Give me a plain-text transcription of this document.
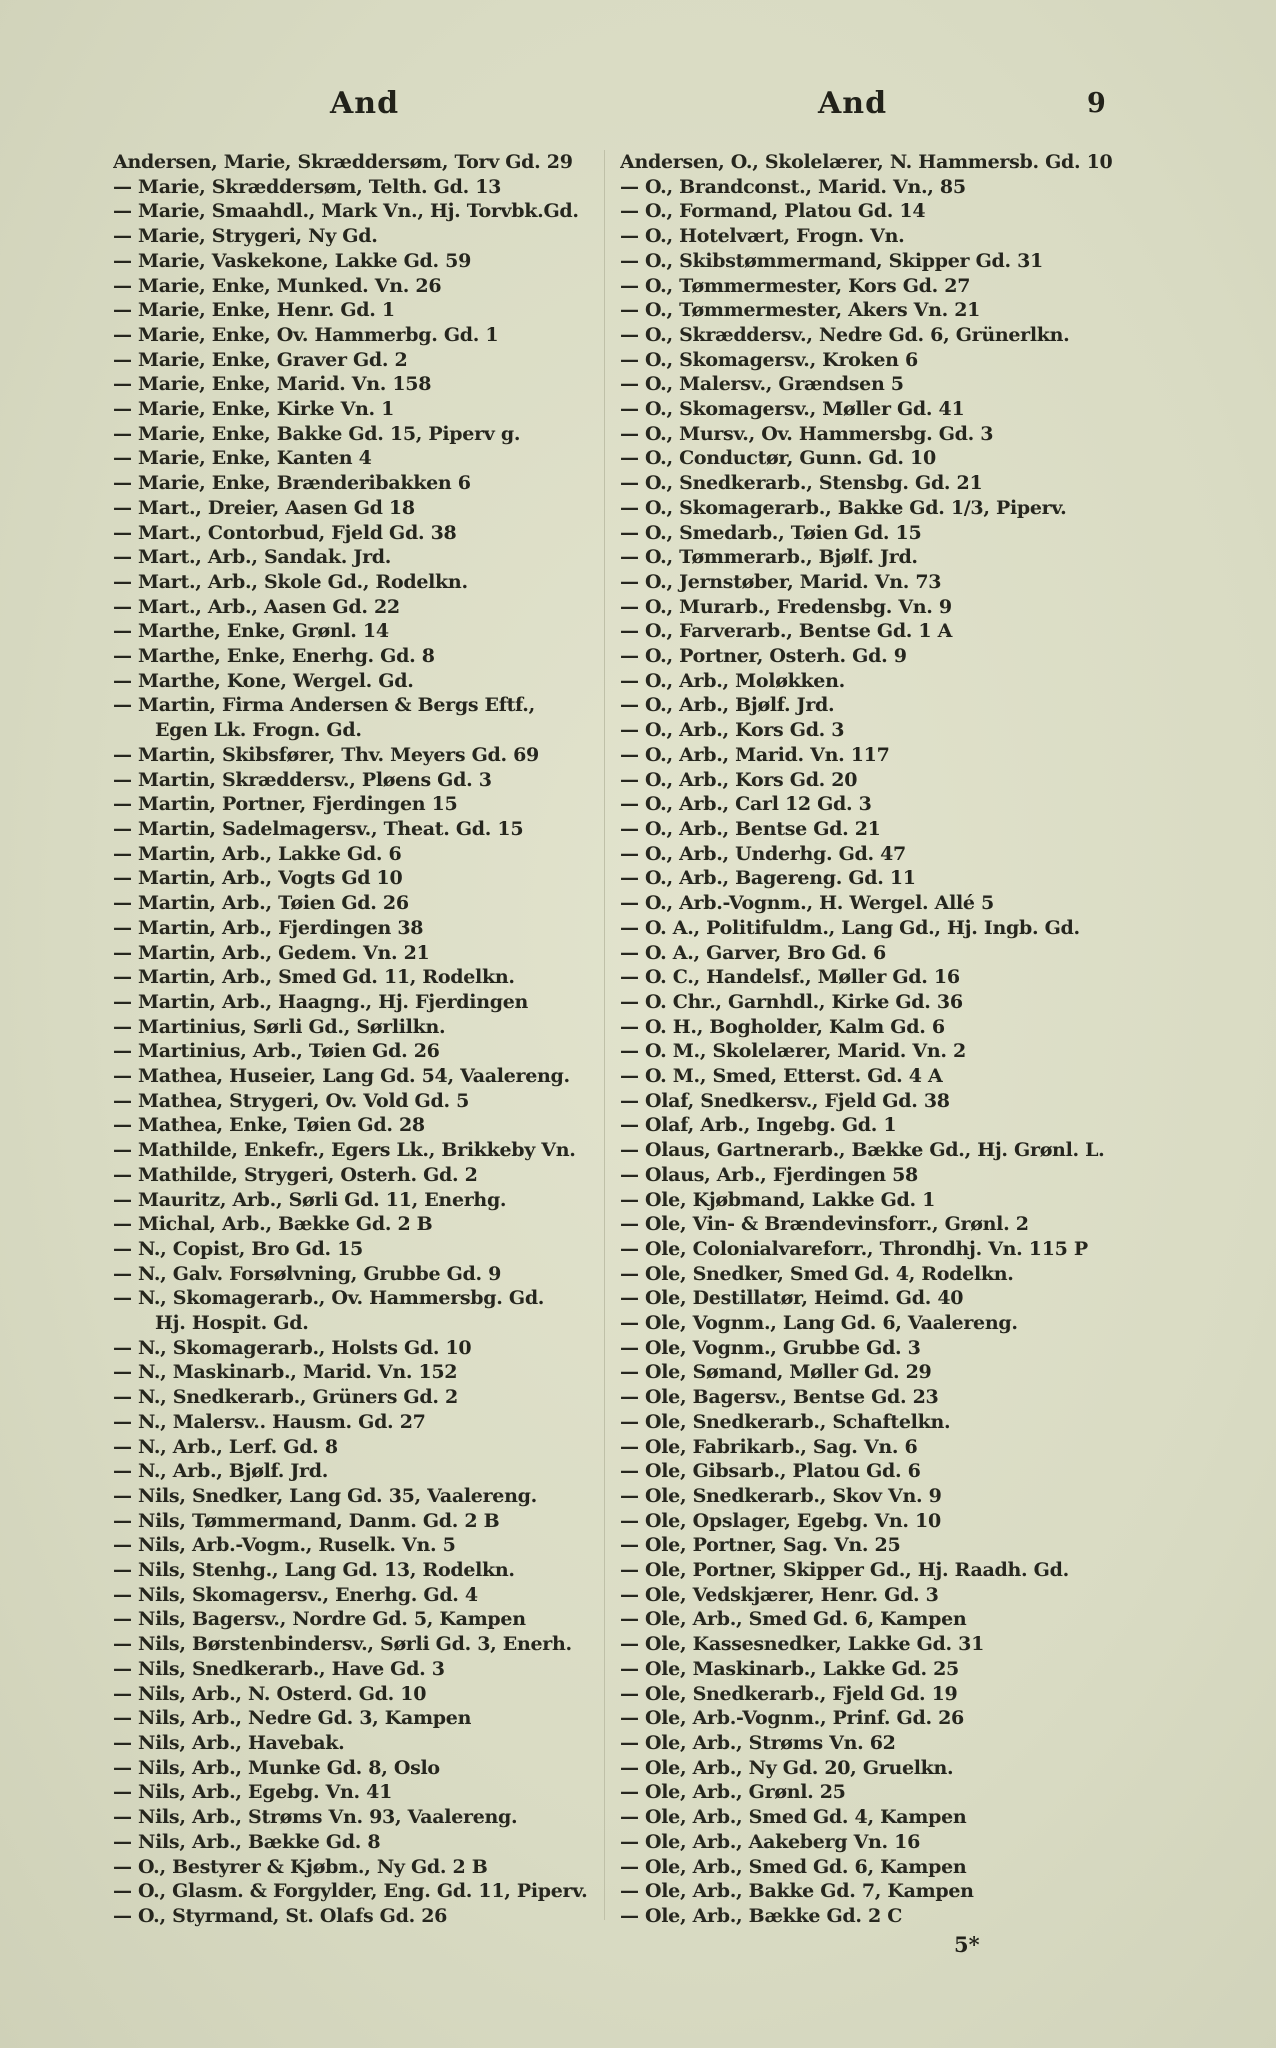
And	And	9
Andersen, Marie, Skræddersøm, Torv Gd. 29
— Marie, Skræddersøm, Telth. Gd. 13
— Marie, Smaahdl., Mark Vn., Hj. Torvbk.Gd.
— Marie, Strygeri, Ny Gd.
— Marie, Vaskekone, Lakke Gd. 59
— Marie, Enke, Munked. Vn. 26
— Marie, Enke, Henr. Gd. 1
— Marie, Enke, Ov. Hammerbg. Gd. 1
— Marie, Enke, Graver Gd. 2
— Marie, Enke, Marid. Vn. 158
— Marie, Enke, Kirke Vn. 1
— Marie, Enke, Bakke Gd. 15, Piperv g.
— Marie, Enke, Kanten 4
— Marie, Enke, Brænderibakken 6
— Mart., Dreier, Aasen Gd 18
— Mart., Contorbud, Fjeld Gd. 38
— Mart., Arb., Sandak. Jrd.
— Mart., Arb., Skole Gd., Rodelkn.
— Mart., Arb., Aasen Gd. 22
— Marthe, Enke, Grønl. 14
— Marthe, Enke, Enerhg. Gd. 8
— Marthe, Kone, Wergel. Gd.
— Martin, Firma Andersen & Bergs Eftf.,
Egen Lk. Frogn. Gd.
— Martin, Skibsfører, Thv. Meyers Gd. 69
— Martin, Skræddersv., Pløens Gd. 3
— Martin, Portner, Fjerdingen 15
— Martin, Sadelmagersv., Theat. Gd. 15
— Martin, Arb., Lakke Gd. 6
— Martin, Arb., Vogts Gd 10
— Martin, Arb., Tøien Gd. 26
— Martin, Arb., Fjerdingen 38
— Martin, Arb., Gedem. Vn. 21
— Martin, Arb., Smed Gd. 11, Rodelkn.
— Martin, Arb., Haagng., Hj. Fjerdingen
— Martinius, Sørli Gd., Sørlilkn.
— Martinius, Arb., Tøien Gd. 26
— Mathea, Huseier, Lang Gd. 54, Vaalereng.
— Mathea, Strygeri, Ov. Vold Gd. 5
— Mathea, Enke, Tøien Gd. 28
— Mathilde, Enkefr., Egers Lk., Brikkeby Vn.
— Mathilde, Strygeri, Osterh. Gd. 2
— Mauritz, Arb., Sørli Gd. 11, Enerhg.
— Michal, Arb., Bække Gd. 2 B
— N., Copist, Bro Gd. 15
— N., Galv. Forsølvning, Grubbe Gd. 9
— N., Skomagerarb., Ov. Hammersbg. Gd.
Hj. Hospit. Gd.
— N., Skomagerarb., Holsts Gd. 10
— N., Maskinarb., Marid. Vn. 152
— N., Snedkerarb., Grüners Gd. 2
— N., Malersv.. Hausm. Gd. 27
— N., Arb., Lerf. Gd. 8
— N., Arb., Bjølf. Jrd.
— Nils, Snedker, Lang Gd. 35, Vaalereng.
— Nils, Tømmermand, Danm. Gd. 2 B
— Nils, Arb.-Vogm., Ruselk. Vn. 5
— Nils, Stenhg., Lang Gd. 13, Rodelkn.
— Nils, Skomagersv., Enerhg. Gd. 4
— Nils, Bagersv., Nordre Gd. 5, Kampen
— Nils, Børstenbindersv., Sørli Gd. 3, Enerh.
— Nils, Snedkerarb., Have Gd. 3
— Nils, Arb., N. Osterd. Gd. 10
— Nils, Arb., Nedre Gd. 3, Kampen
— Nils, Arb., Havebak.
— Nils, Arb., Munke Gd. 8, Oslo
— Nils, Arb., Egebg. Vn. 41
— Nils, Arb., Strøms Vn. 93, Vaalereng.
— Nils, Arb., Bække Gd. 8
— O., Bestyrer & Kjøbm., Ny Gd. 2 B
— O., Glasm. & Forgylder, Eng. Gd. 11, Piperv.
— O., Styrmand, St. Olafs Gd. 26
Andersen, O., Skolelærer, N. Hammersb. Gd. 10
— O., Brandconst., Marid. Vn., 85
— O., Formand, Platou Gd. 14
— O., Hotelvært, Frogn. Vn.
— O., Skibstømmermand, Skipper Gd. 31
— O., Tømmermester, Kors Gd. 27
— O., Tømmermester, Akers Vn. 21
— O., Skræddersv., Nedre Gd. 6, Grünerlkn.
— O., Skomagersv., Kroken 6
— O., Malersv., Grændsen 5
— O., Skomagersv., Møller Gd. 41
— O., Mursv., Ov. Hammersbg. Gd. 3
— O., Conductør, Gunn. Gd. 10
— O., Snedkerarb., Stensbg. Gd. 21
— O., Skomagerarb., Bakke Gd. 1/3, Piperv.
— O., Smedarb., Tøien Gd. 15
— O., Tømmerarb., Bjølf. Jrd.
— O., Jernstøber, Marid. Vn. 73
— O., Murarb., Fredensbg. Vn. 9
— O., Farverarb., Bentse Gd. 1 A
— O., Portner, Osterh. Gd. 9
— O., Arb., Moløkken.
— O., Arb., Bjølf. Jrd.
— O., Arb., Kors Gd. 3
— O., Arb., Marid. Vn. 117
— O., Arb., Kors Gd. 20
— O., Arb., Carl 12 Gd. 3
— O., Arb., Bentse Gd. 21
— O., Arb., Underhg. Gd. 47
— O., Arb., Bagereng. Gd. 11
— O., Arb.-Vognm., H. Wergel. Allé 5
— O. A., Politifuldm., Lang Gd., Hj. Ingb. Gd.
— O. A., Garver, Bro Gd. 6
— O. C., Handelsf., Møller Gd. 16
— O. Chr., Garnhdl., Kirke Gd. 36
— O. H., Bogholder, Kalm Gd. 6
— O. M., Skolelærer, Marid. Vn. 2
— O. M., Smed, Etterst. Gd. 4 A
— Olaf, Snedkersv., Fjeld Gd. 38
— Olaf, Arb., Ingebg. Gd. 1
— Olaus, Gartnerarb., Bække Gd., Hj. Grønl. L.
— Olaus, Arb., Fjerdingen 58
— Ole, Kjøbmand, Lakke Gd. 1
— Ole, Vin- & Brændevinsforr., Grønl. 2
— Ole, Colonialvareforr., Throndhj. Vn. 115 P
— Ole, Snedker, Smed Gd. 4, Rodelkn.
— Ole, Destillatør, Heimd. Gd. 40
— Ole, Vognm., Lang Gd. 6, Vaalereng.
— Ole, Vognm., Grubbe Gd. 3
— Ole, Sømand, Møller Gd. 29
— Ole, Bagersv., Bentse Gd. 23
— Ole, Snedkerarb., Schaftelkn.
— Ole, Fabrikarb., Sag. Vn. 6
— Ole, Gibsarb., Platou Gd. 6
— Ole, Snedkerarb., Skov Vn. 9
— Ole, Opslager, Egebg. Vn. 10
— Ole, Portner, Sag. Vn. 25
— Ole, Portner, Skipper Gd., Hj. Raadh. Gd.
— Ole, Vedskjærer, Henr. Gd. 3
— Ole, Arb., Smed Gd. 6, Kampen
— Ole, Kassesnedker, Lakke Gd. 31
— Ole, Maskinarb., Lakke Gd. 25
— Ole, Snedkerarb., Fjeld Gd. 19
— Ole, Arb.-Vognm., Prinf. Gd. 26
— Ole, Arb., Strøms Vn. 62
— Ole, Arb., Ny Gd. 20, Gruelkn.
— Ole, Arb., Grønl. 25
— Ole, Arb., Smed Gd. 4, Kampen
— Ole, Arb., Aakeberg Vn. 16
— Ole, Arb., Smed Gd. 6, Kampen
— Ole, Arb., Bakke Gd. 7, Kampen
— Ole, Arb., Bække Gd. 2 C
5*
